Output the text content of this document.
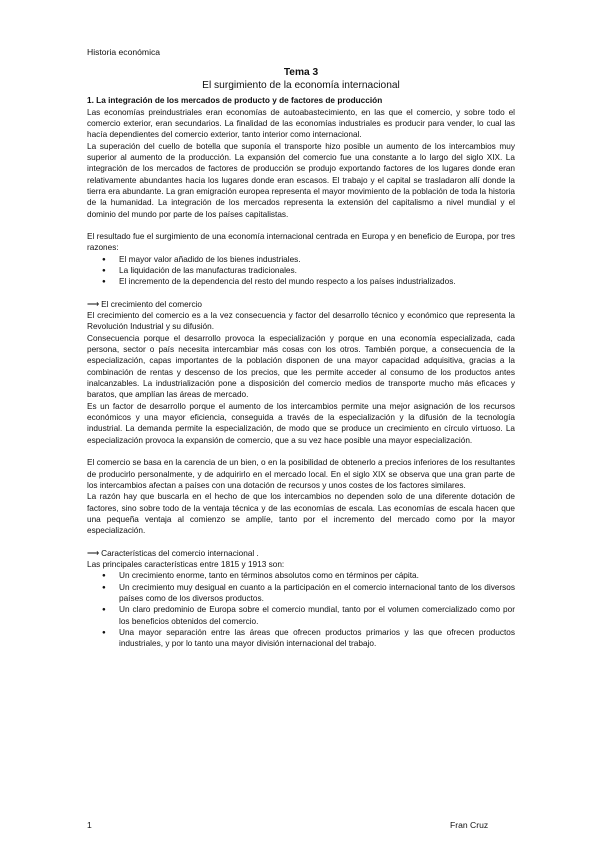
Historia económica
Tema 3
El surgimiento de la economía internacional
1. La integración de los mercados de producto y de factores de producción

Las economías preindustriales eran economías de autoabastecimiento, en las que el comercio, y sobre todo el comercio exterior, eran secundarios. La finalidad de las economías industriales es producir para vender, lo cual las hacía dependientes del comercio exterior, tanto interior como internacional.

La superación del cuello de botella que suponía el transporte hizo posible un aumento de los intercambios muy superior al aumento de la producción. La expansión del comercio fue una constante a lo largo del siglo XIX. La integración de los mercados de factores de producción se produjo exportando factores de los lugares donde eran relativamente abundantes hacia los lugares donde eran escasos. El trabajo y el capital se trasladaron allí donde la tierra era abundante. La gran emigración europea representa el mayor movimiento de la población de toda la historia de la humanidad. La integración de los mercados representa la extensión del capitalismo a nivel mundial y el dominio del mundo por parte de los países capitalistas.

El resultado fue el surgimiento de una economía internacional centrada en Europa y en beneficio de Europa, por tres razones:

● El mayor valor añadido de los bienes industriales.
● La liquidación de las manufacturas tradicionales.
● El incremento de la dependencia del resto del mundo respecto a los países industrializados.

⟶ El crecimiento del comercio

El crecimiento del comercio es a la vez consecuencia y factor del desarrollo técnico y económico que representa la Revolución Industrial y su difusión.

Consecuencia porque el desarrollo provoca la especialización y porque en una economía especializada, cada persona, sector o país necesita intercambiar más cosas con los otros. También porque, a consecuencia de la especialización, capas importantes de la población disponen de una mayor capacidad adquisitiva, gracias a la combinación de rentas y descenso de los precios, que les permite acceder al consumo de los productos antes inalcanzables. La industrialización pone a disposición del comercio medios de transporte mucho más eficaces y baratos, que amplían las áreas de mercado.

Es un factor de desarrollo porque el aumento de los intercambios permite una mejor asignación de los recursos económicos y una mayor eficiencia, conseguida a través de la especialización y la difusión de la tecnología industrial. La demanda permite la especialización, de modo que se produce un crecimiento en círculo virtuoso. La especialización provoca la expansión de comercio, que a su vez hace posible una mayor especialización.

El comercio se basa en la carencia de un bien, o en la posibilidad de obtenerlo a precios inferiores de los resultantes de producirlo personalmente, y de adquirirlo en el mercado local. En el siglo XIX se observa que una gran parte de los intercambios afectan a países con una dotación de recursos y unos costes de los factores similares.

La razón hay que buscarla en el hecho de que los intercambios no dependen solo de una diferente dotación de factores, sino sobre todo de la ventaja técnica y de las economías de escala. Las economías de escala hacen que una pequeña ventaja al comienzo se amplíe, tanto por el incremento del mercado como por la mayor especialización.

⟶ Características del comercio internacional .

Las principales características entre 1815 y 1913 son:

● Un crecimiento enorme, tanto en términos absolutos como en términos per cápita.
● Un crecimiento muy desigual en cuanto a la participación en el comercio internacional tanto de los diversos países como de los diversos productos.
● Un claro predominio de Europa sobre el comercio mundial, tanto por el volumen comercializado como por los beneficios obtenidos del comercio.
● Una mayor separación entre las áreas que ofrecen productos primarios y las que ofrecen productos industriales, y por lo tanto una mayor división internacional del trabajo.
1	Fran Cruz
